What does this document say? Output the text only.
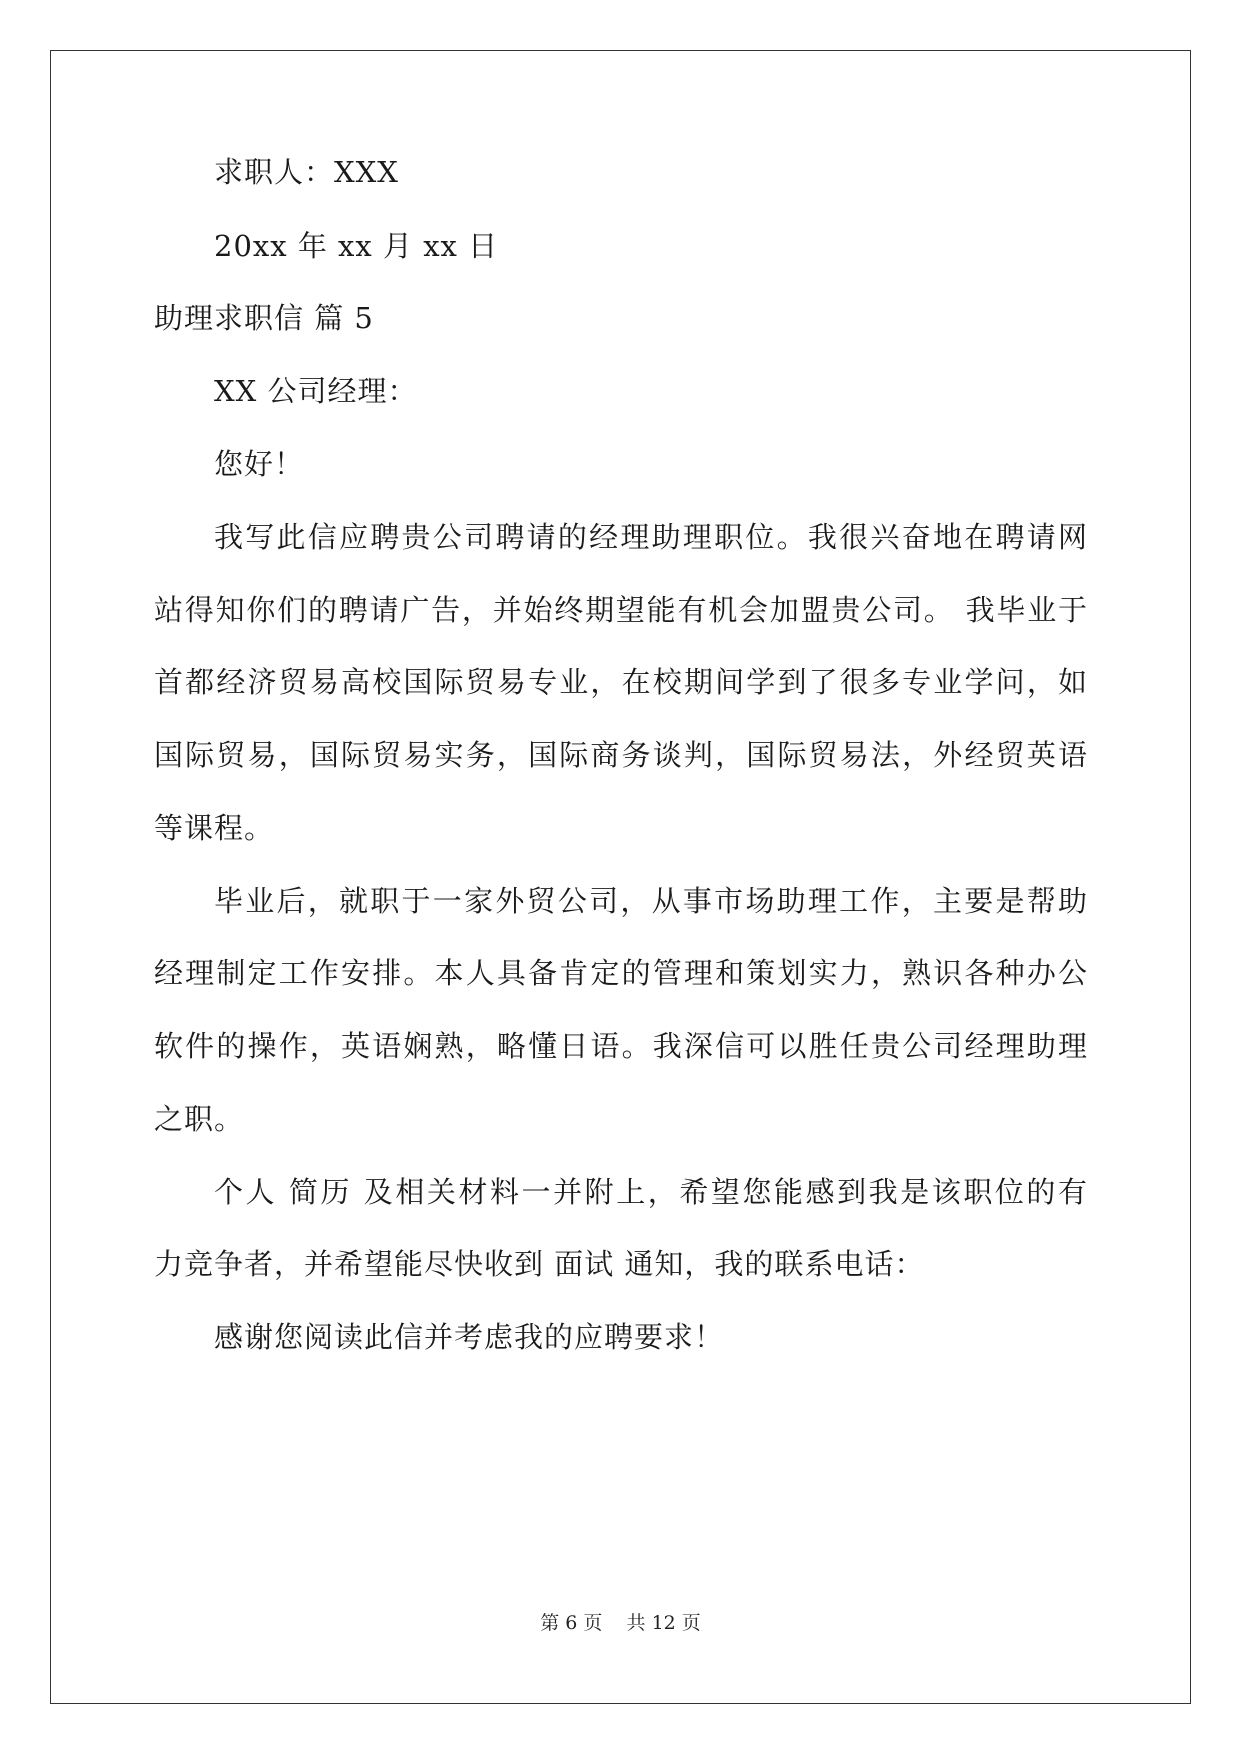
求职人：XXX
20xx 年 xx 月 xx 日
助理求职信 篇 5
XX 公司经理：
您好！
我写此信应聘贵公司聘请的经理助理职位。我很兴奋地在聘请网
站得知你们的聘请广告，并始终期望能有机会加盟贵公司。 我毕业于
首都经济贸易高校国际贸易专业，在校期间学到了很多专业学问，如
国际贸易，国际贸易实务，国际商务谈判，国际贸易法，外经贸英语
等课程。
毕业后，就职于一家外贸公司，从事市场助理工作，主要是帮助
经理制定工作安排。本人具备肯定的管理和策划实力，熟识各种办公
软件的操作，英语娴熟，略懂日语。我深信可以胜任贵公司经理助理
之职。
个人 简历 及相关材料一并附上，希望您能感到我是该职位的有
力竞争者，并希望能尽快收到 面试 通知，我的联系电话：
感谢您阅读此信并考虑我的应聘要求！
第 6 页    共 12 页
